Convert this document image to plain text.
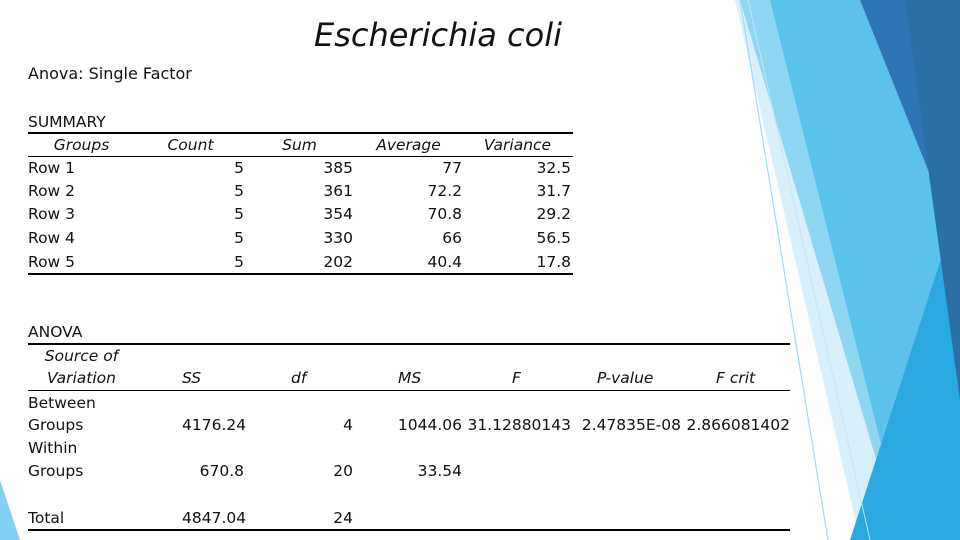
Escherichia coli
Anova: Single Factor
SUMMARY
Groups	Count	Sum	Average	Variance
Row 1	5	385	77	32.5
Row 2	5	361	72.2	31.7
Row 3	5	354	70.8	29.2
Row 4	5	330	66	56.5
Row 5	5	202	40.4	17.8
ANOVA
Source of
Variation	SS	df	MS	F	P-value	F crit
Between
Groups	4176.24	4	1044.06 31.12880143 2.47835E-08 2.866081402
Within
Groups	670.8	20	33.54
Total	4847.04	24
